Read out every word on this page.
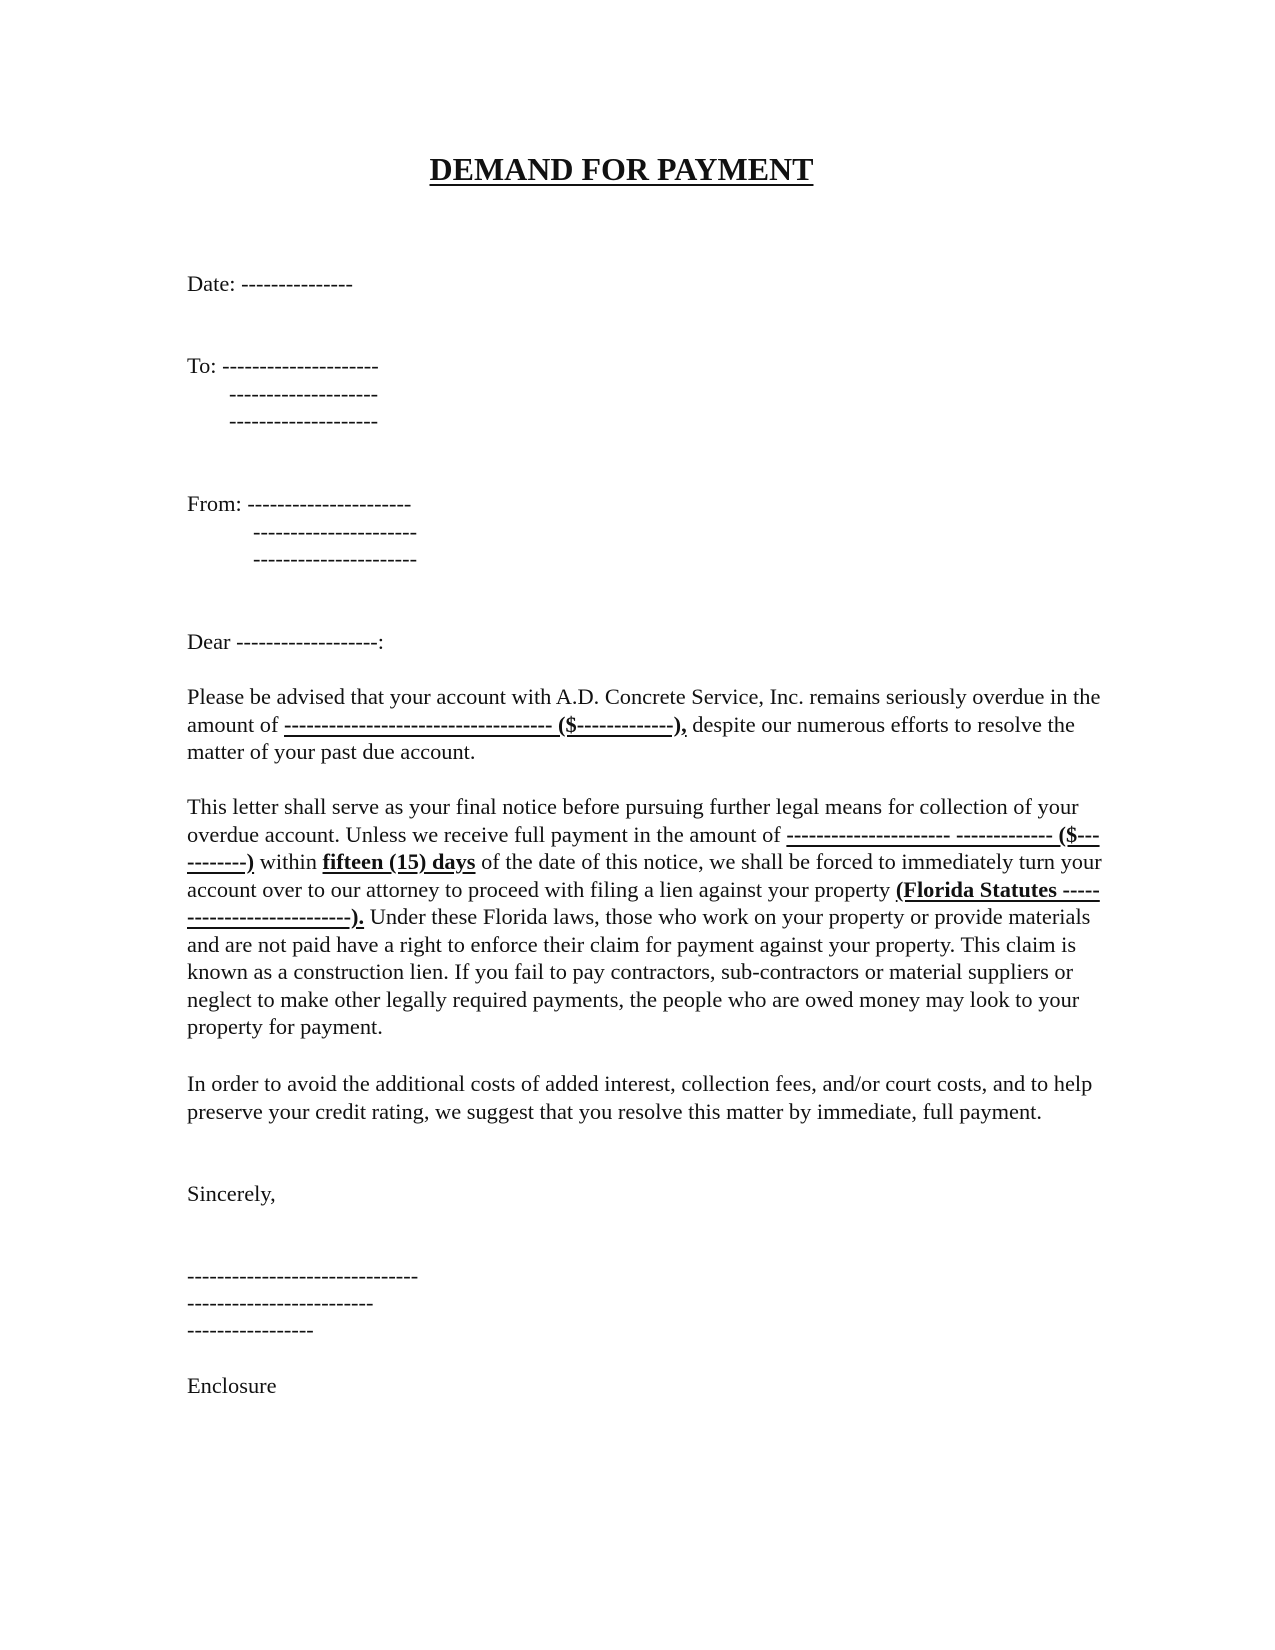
DEMAND FOR PAYMENT

Date: ---------------

To: ---------------------

--------------------

--------------------

From: ----------------------

----------------------

----------------------

Dear -------------------:

Please be advised that your account with A.D. Concrete Service, Inc. remains seriously overdue in the amount of ------------------------------------ ($-------------), despite our numerous efforts to resolve the matter of your past due account.

This letter shall serve as your final notice before pursuing further legal means for collection of your overdue account. Unless we receive full payment in the amount of ---------------------- ------------- ($-----------) within fifteen (15) days of the date of this notice, we shall be forced to immediately turn your account over to our attorney to proceed with filing a lien against your property (Florida Statutes ---------------------------). Under these Florida laws, those who work on your property or provide materials and are not paid have a right to enforce their claim for payment against your property. This claim is known as a construction lien. If you fail to pay contractors, sub-contractors or material suppliers or neglect to make other legally required payments, the people who are owed money may look to your property for payment.

In order to avoid the additional costs of added interest, collection fees, and/or court costs, and to help preserve your credit rating, we suggest that you resolve this matter by immediate, full payment.

Sincerely,

-------------------------------

-------------------------

-----------------

Enclosure
